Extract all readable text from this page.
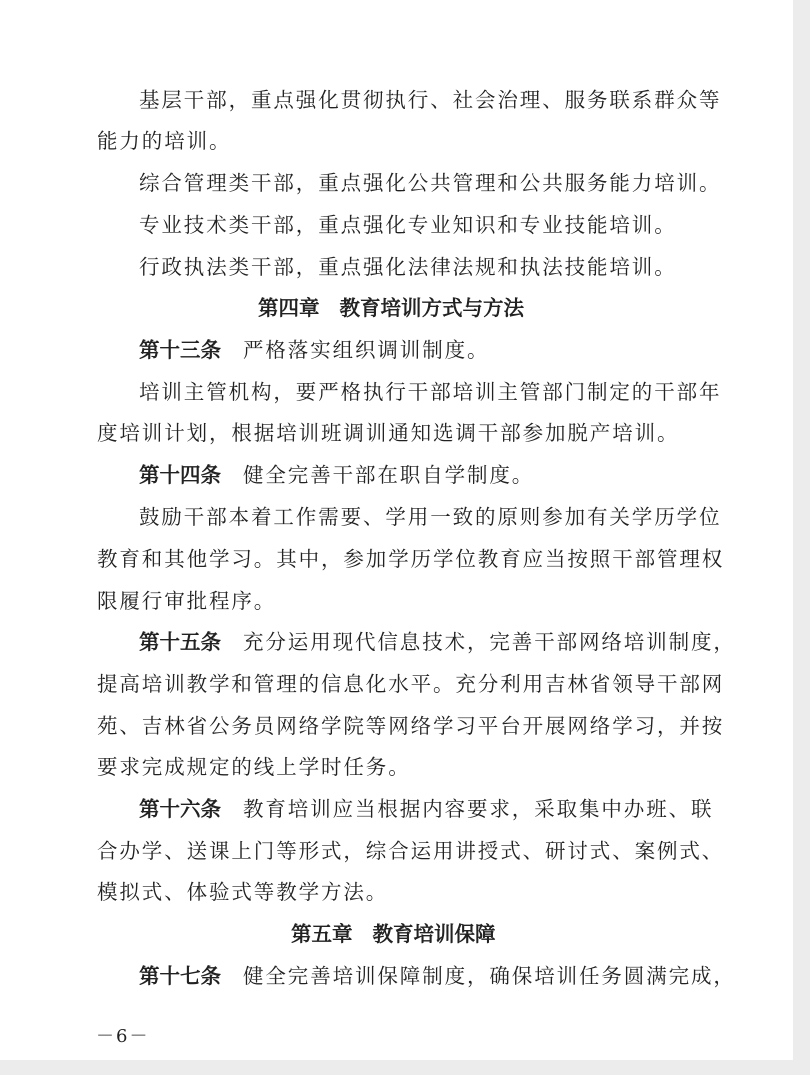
基层干部，重点强化贯彻执行、社会治理、服务联系群众等
能力的培训。
综合管理类干部，重点强化公共管理和公共服务能力培训。
专业技术类干部，重点强化专业知识和专业技能培训。
行政执法类干部，重点强化法律法规和执法技能培训。
第四章 教育培训方式与方法
第十三条 严格落实组织调训制度。
培训主管机构，要严格执行干部培训主管部门制定的干部年
度培训计划，根据培训班调训通知选调干部参加脱产培训。
第十四条 健全完善干部在职自学制度。
鼓励干部本着工作需要、学用一致的原则参加有关学历学位
教育和其他学习。其中，参加学历学位教育应当按照干部管理权
限履行审批程序。
第十五条 充分运用现代信息技术，完善干部网络培训制度，
提高培训教学和管理的信息化水平。充分利用吉林省领导干部网
苑、吉林省公务员网络学院等网络学习平台开展网络学习，并按
要求完成规定的线上学时任务。
第十六条 教育培训应当根据内容要求，采取集中办班、联
合办学、送课上门等形式，综合运用讲授式、研讨式、案例式、
模拟式、体验式等教学方法。
第五章 教育培训保障
第十七条 健全完善培训保障制度，确保培训任务圆满完成，
－6－
